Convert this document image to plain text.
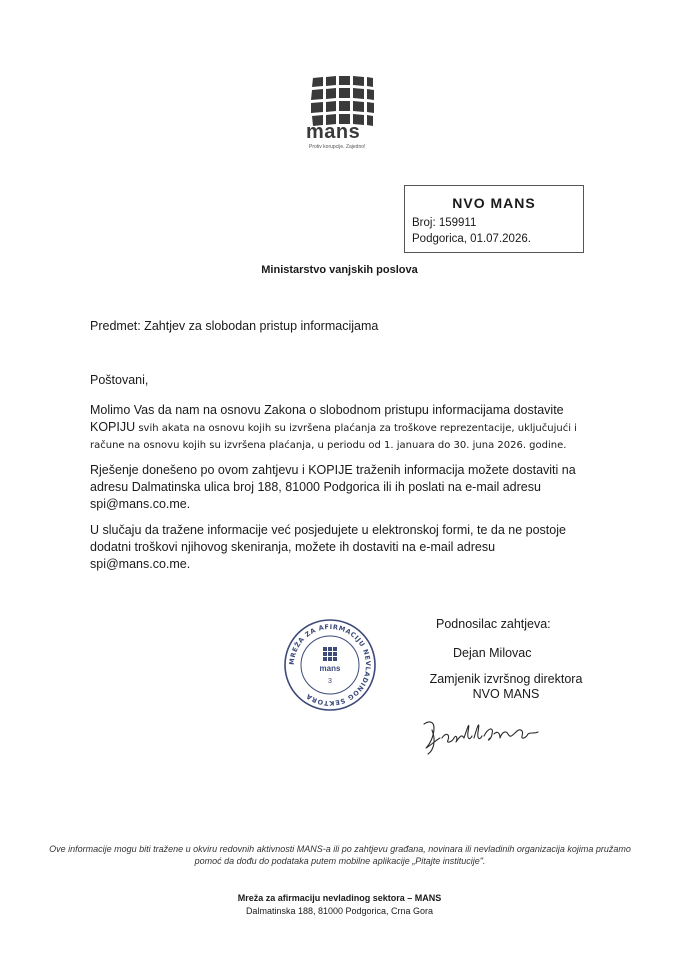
mans
Protiv korupcije. Zajedno!
NVO MANS
Broj: 159911
Podgorica, 01.07.2026.
Ministarstvo vanjskih poslova
Predmet: Zahtjev za slobodan pristup informacijama
Poštovani,
Molimo Vas da nam na osnovu Zakona o slobodnom pristupu informacijama dostavite
KOPIJU svih akata na osnovu kojih su izvršena plaćanja za troškove reprezentacije, uključujući i
račune na osnovu kojih su izvršena plaćanja, u periodu od 1. januara do 30. juna 2026. godine.
Rješenje donešeno po ovom zahtjevu i KOPIJE traženih informacija možete dostaviti na adresu Dalmatinska ulica broj 188, 81000 Podgorica ili ih poslati na e-mail adresu spi@mans.co.me.
U slučaju da tražene informacije već posjedujete u elektronskoj formi, te da ne postoje dodatni troškovi njihovog skeniranja, možete ih dostaviti na e-mail adresu spi@mans.co.me.
MREŽA ZA AFIRMACIJU NEVLADINOG SEKTORA
mans
3
Podnosilac zahtjeva:
Dejan Milovac
Zamjenik izvršnog direktora
NVO MANS
Ove informacije mogu biti tražene u okviru redovnih aktivnosti MANS-a ili po zahtjevu građana, novinara ili nevladinih organizacija kojima pružamo pomoć da dođu do podataka putem mobilne aplikacije „Pitajte institucije".
Mreža za afirmaciju nevladinog sektora – MANS
Dalmatinska 188, 81000 Podgorica, Crna Gora
